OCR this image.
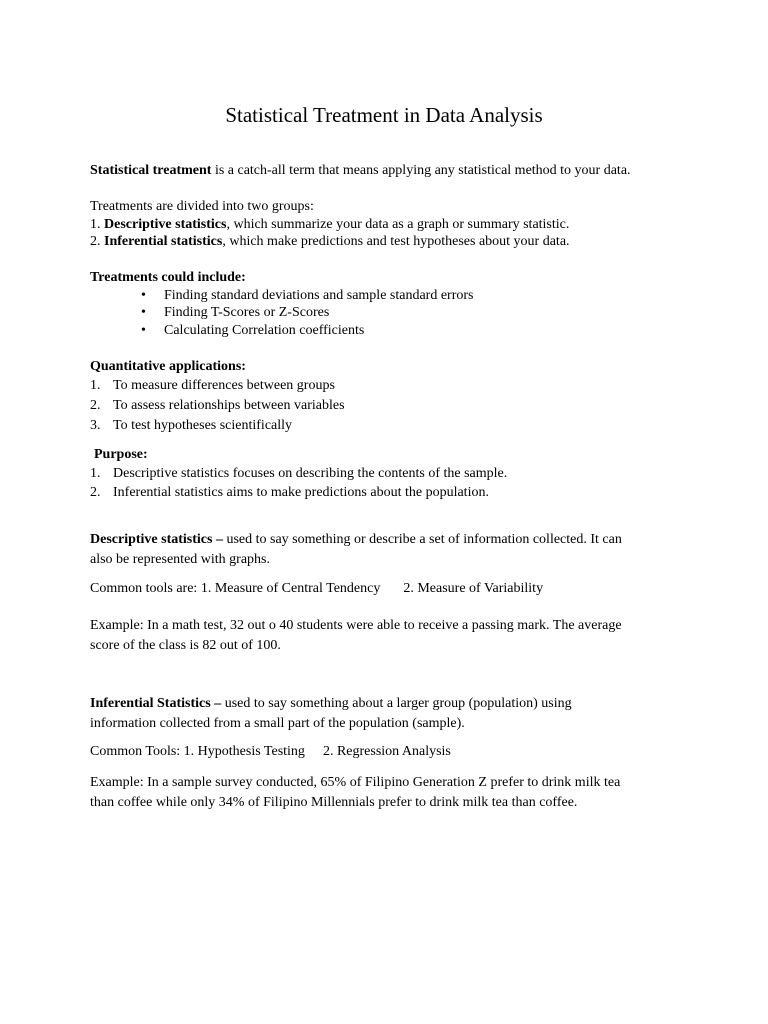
Statistical Treatment in Data Analysis
Statistical treatment is a catch-all term that means applying any statistical method to your data.
Treatments are divided into two groups:
1. Descriptive statistics, which summarize your data as a graph or summary statistic.
2. Inferential statistics, which make predictions and test hypotheses about your data.
Treatments could include:
• Finding standard deviations and sample standard errors
• Finding T-Scores or Z-Scores
• Calculating Correlation coefficients
Quantitative applications:
1. To measure differences between groups
2. To assess relationships between variables
3. To test hypotheses scientifically
Purpose:
1. Descriptive statistics focuses on describing the contents of the sample.
2. Inferential statistics aims to make predictions about the population.
Descriptive statistics – used to say something or describe a set of information collected. It can
also be represented with graphs.
Common tools are: 1. Measure of Central Tendency 2. Measure of Variability
Example: In a math test, 32 out o 40 students were able to receive a passing mark. The average
score of the class is 82 out of 100.
Inferential Statistics – used to say something about a larger group (population) using
information collected from a small part of the population (sample).
Common Tools: 1. Hypothesis Testing 2. Regression Analysis
Example: In a sample survey conducted, 65% of Filipino Generation Z prefer to drink milk tea
than coffee while only 34% of Filipino Millennials prefer to drink milk tea than coffee.
